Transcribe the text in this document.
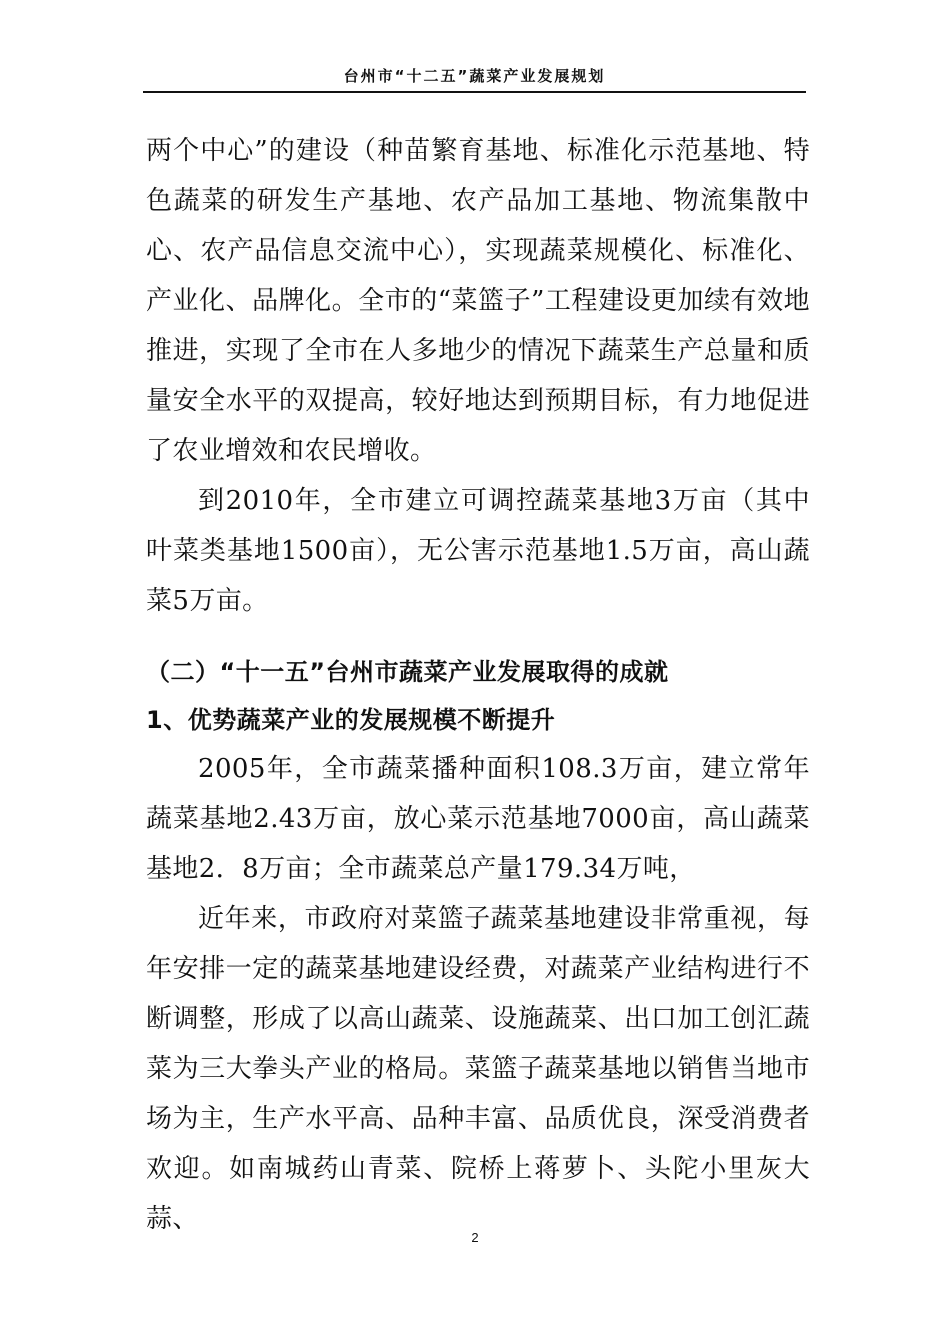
台州市“十二五”蔬菜产业发展规划

两个中心”的建设（种苗繁育基地、标准化示范基地、特色蔬菜的研发生产基地、农产品加工基地、物流集散中心、农产品信息交流中心），实现蔬菜规模化、标准化、产业化、品牌化。全市的“菜篮子”工程建设更加续有效地推进，实现了全市在人多地少的情况下蔬菜生产总量和质量安全水平的双提高，较好地达到预期目标，有力地促进了农业增效和农民增收。

到2010年，全市建立可调控蔬菜基地3万亩（其中叶菜类基地1500亩），无公害示范基地1.5万亩，高山蔬菜5万亩。

（二）“十一五”台州市蔬菜产业发展取得的成就
1、优势蔬菜产业的发展规模不断提升

2005年，全市蔬菜播种面积108.3万亩，建立常年蔬菜基地2.43万亩，放心菜示范基地7000亩，高山蔬菜基地2．8万亩；全市蔬菜总产量179.34万吨，

近年来，市政府对菜篮子蔬菜基地建设非常重视，每年安排一定的蔬菜基地建设经费，对蔬菜产业结构进行不断调整，形成了以高山蔬菜、设施蔬菜、出口加工创汇蔬菜为三大拳头产业的格局。菜篮子蔬菜基地以销售当地市场为主，生产水平高、品种丰富、品质优良，深受消费者欢迎。如南城药山青菜、院桥上蒋萝卜、头陀小里灰大蒜、

2
